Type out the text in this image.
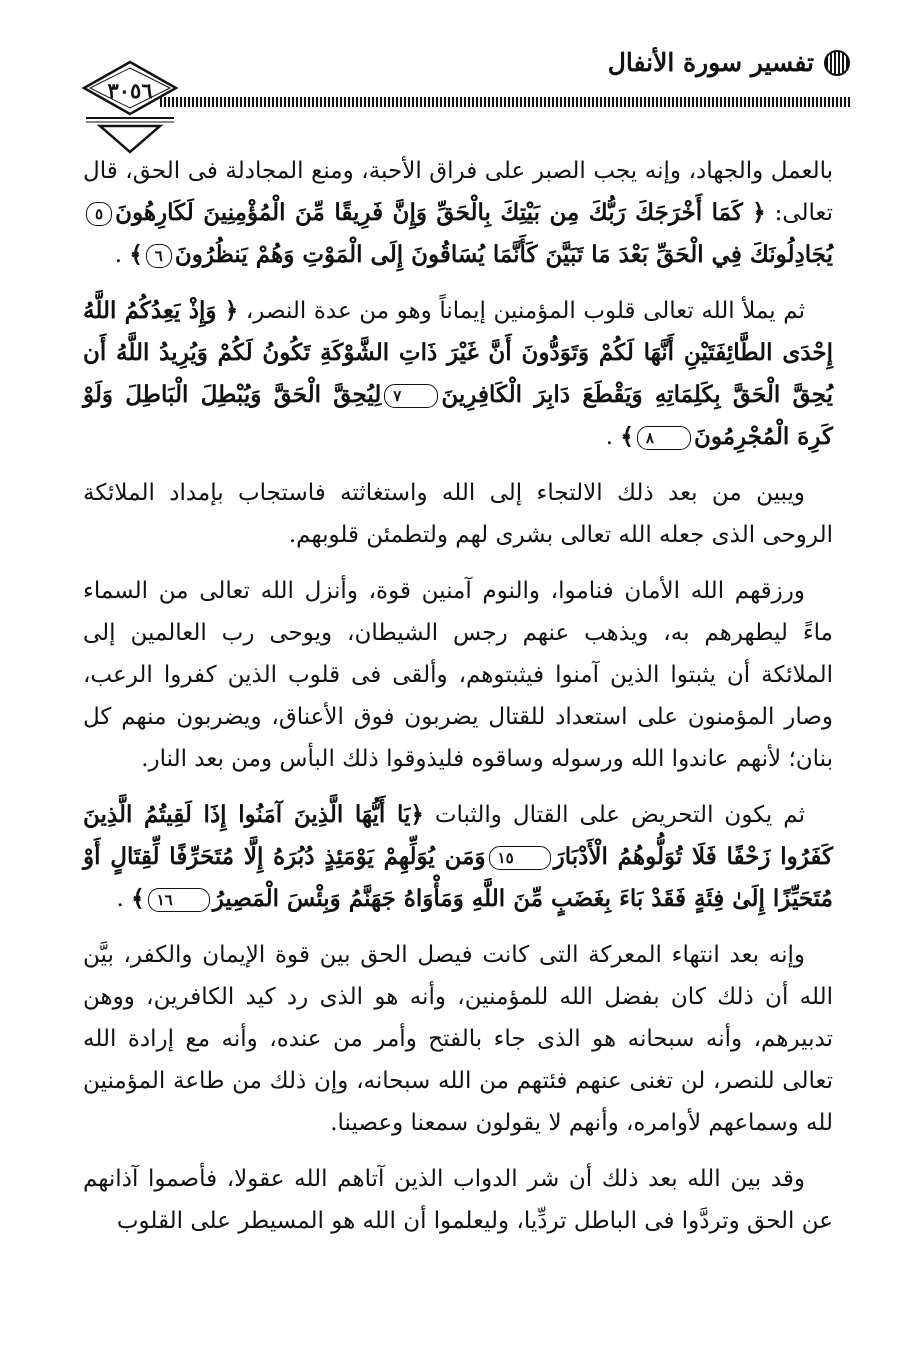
تفسير سورة الأنفال
٣٠٥٦

بالعمل والجهاد، وإنه يجب الصبر على فراق الأحبة، ومنع المجادلة فى الحق، قال تعالى: ﴿ كَمَا أَخْرَجَكَ رَبُّكَ مِن بَيْتِكَ بِالْحَقِّ وَإِنَّ فَرِيقًا مِّنَ الْمُؤْمِنِينَ لَكَارِهُونَ٥يُجَادِلُونَكَ فِي الْحَقِّ بَعْدَ مَا تَبَيَّنَ كَأَنَّمَا يُسَاقُونَ إِلَى الْمَوْتِ وَهُمْ يَنظُرُونَ٦﴾ .

ثم يملأ الله تعالى قلوب المؤمنين إيماناً وهو من عدة النصر، ﴿ وَإِذْ يَعِدُكُمُ اللَّهُ إِحْدَى الطَّائِفَتَيْنِ أَنَّهَا لَكُمْ وَتَوَدُّونَ أَنَّ غَيْرَ ذَاتِ الشَّوْكَةِ تَكُونُ لَكُمْ وَيُرِيدُ اللَّهُ أَن يُحِقَّ الْحَقَّ بِكَلِمَاتِهِ وَيَقْطَعَ دَابِرَ الْكَافِرِينَ٧لِيُحِقَّ الْحَقَّ وَيُبْطِلَ الْبَاطِلَ وَلَوْ كَرِهَ الْمُجْرِمُونَ٨﴾ .

ويبين من بعد ذلك الالتجاء إلى الله واستغاثته فاستجاب بإمداد الملائكة الروحى الذى جعله الله تعالى بشرى لهم ولتطمئن قلوبهم.

ورزقهم الله الأمان فناموا، والنوم آمنين قوة، وأنزل الله تعالى من السماء ماءً ليطهرهم به، ويذهب عنهم رجس الشيطان، ويوحى رب العالمين إلى الملائكة أن يثبتوا الذين آمنوا فيثبتوهم، وألقى فى قلوب الذين كفروا الرعب، وصار المؤمنون على استعداد للقتال يضربون فوق الأعناق، ويضربون منهم كل بنان؛ لأنهم عاندوا الله ورسوله وساقوه فليذوقوا ذلك البأس ومن بعد النار.

ثم يكون التحريض على القتال والثبات ﴿يَا أَيُّهَا الَّذِينَ آمَنُوا إِذَا لَقِيتُمُ الَّذِينَ كَفَرُوا زَحْفًا فَلَا تُوَلُّوهُمُ الْأَدْبَارَ١٥وَمَن يُوَلِّهِمْ يَوْمَئِذٍ دُبُرَهُ إِلَّا مُتَحَرِّفًا لِّقِتَالٍ أَوْ مُتَحَيِّزًا إِلَىٰ فِئَةٍ فَقَدْ بَاءَ بِغَضَبٍ مِّنَ اللَّهِ وَمَأْوَاهُ جَهَنَّمُ وَبِئْسَ الْمَصِيرُ١٦﴾ .

وإنه بعد انتهاء المعركة التى كانت فيصل الحق بين قوة الإيمان والكفر، بيَّن الله أن ذلك كان بفضل الله للمؤمنين، وأنه هو الذى رد كيد الكافرين، ووهن تدبيرهم، وأنه سبحانه هو الذى جاء بالفتح وأمر من عنده، وأنه مع إرادة الله تعالى للنصر، لن تغنى عنهم فئتهم من الله سبحانه، وإن ذلك من طاعة المؤمنين لله وسماعهم لأوامره، وأنهم لا يقولون سمعنا وعصينا.

وقد بين الله بعد ذلك أن شر الدواب الذين آتاهم الله عقولا، فأصموا آذانهم عن الحق وتردَّوا فى الباطل تردِّيا، وليعلموا أن الله هو المسيطر على القلوب
